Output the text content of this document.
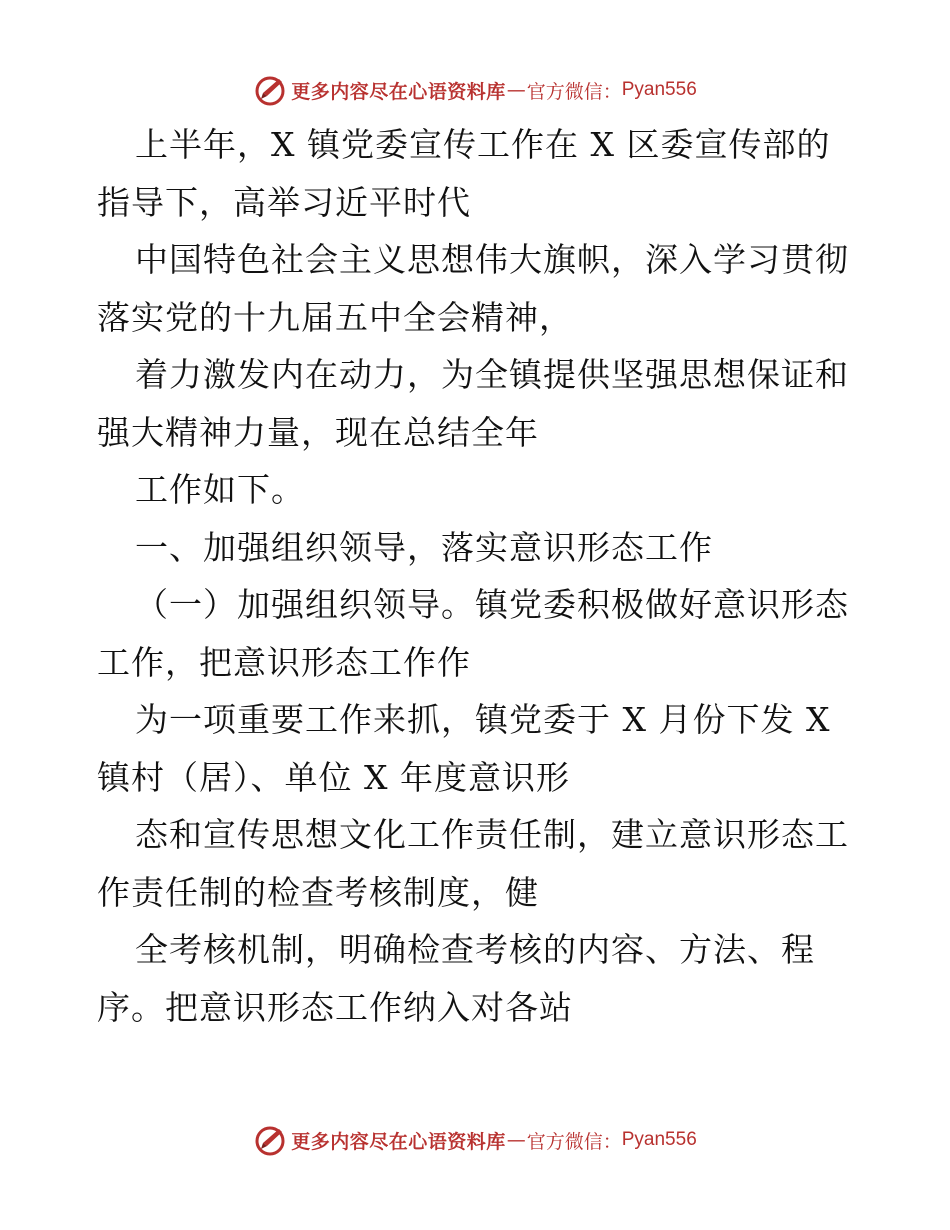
更多内容尽在心语资料库 — 官方微信： Pyan556
上半年，X 镇党委宣传工作在 X 区委宣传部的
指导下，高举习近平时代
中国特色社会主义思想伟大旗帜，深入学习贯彻
落实党的十九届五中全会精神，
着力激发内在动力，为全镇提供坚强思想保证和
强大精神力量，现在总结全年
工作如下。
一、加强组织领导，落实意识形态工作
（一）加强组织领导。镇党委积极做好意识形态
工作，把意识形态工作作
为一项重要工作来抓，镇党委于 X 月份下发 X
镇村（居）、单位 X 年度意识形
态和宣传思想文化工作责任制，建立意识形态工
作责任制的检查考核制度，健
全考核机制，明确检查考核的内容、方法、程
序。把意识形态工作纳入对各站
更多内容尽在心语资料库 — 官方微信： Pyan556
